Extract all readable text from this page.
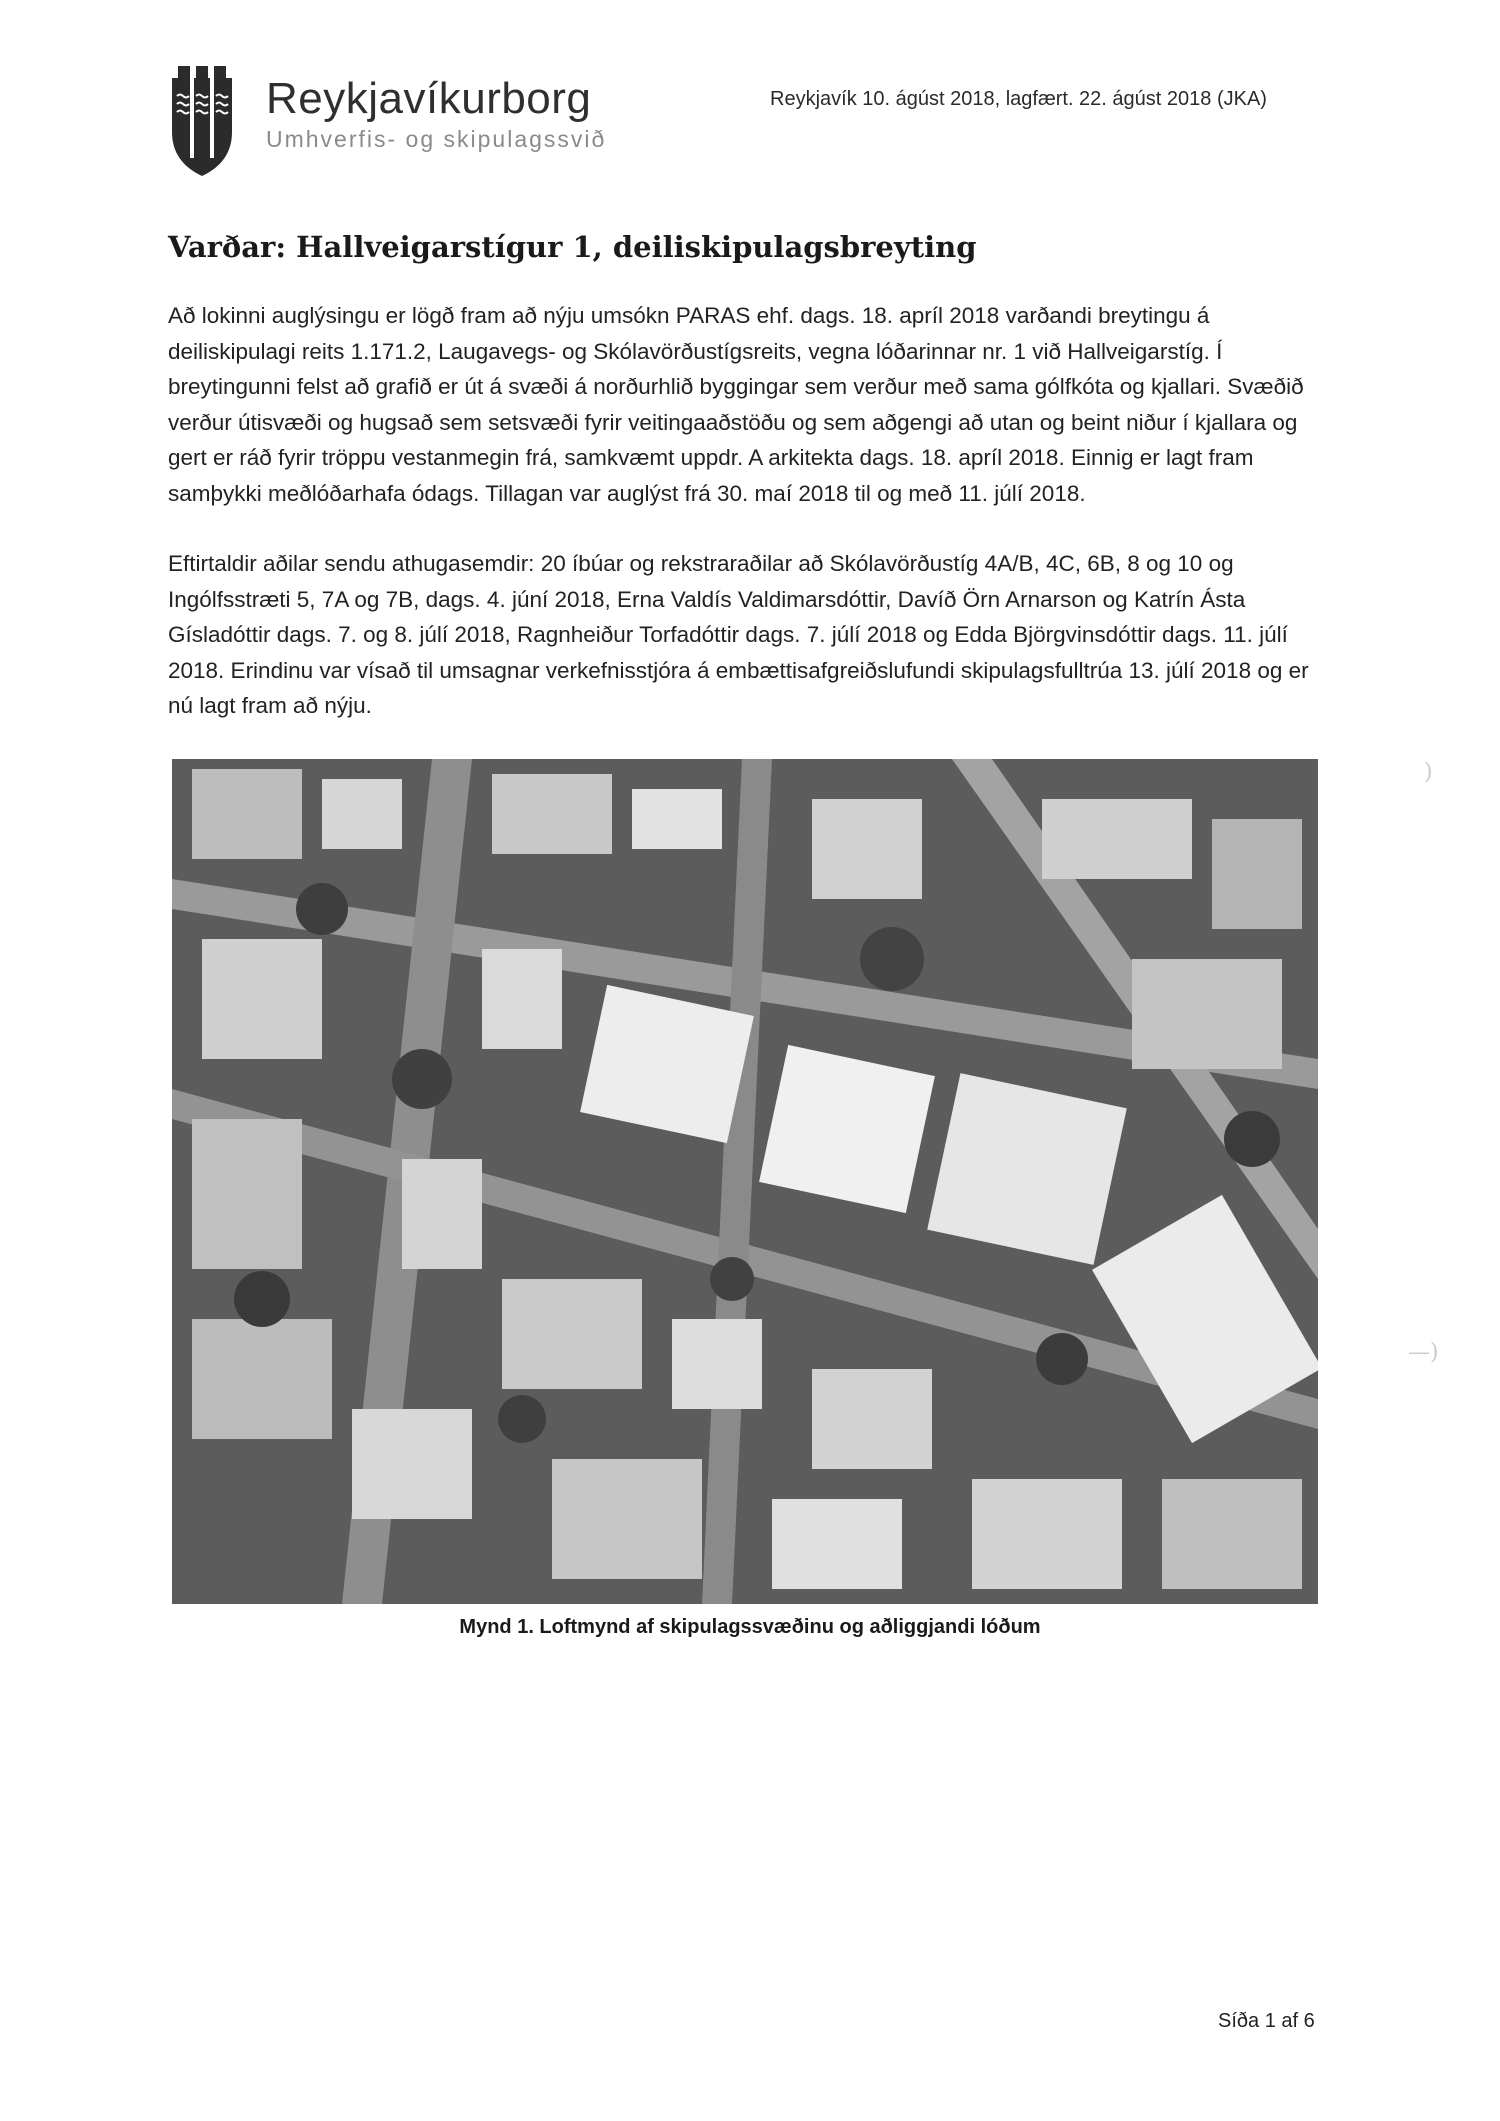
Reykjavíkurborg
Umhverfis- og skipulagssvið
Reykjavík 10. ágúst 2018, lagfært. 22. ágúst 2018 (JKA)
Varðar: Hallveigarstígur 1, deiliskipulagsbreyting

Að lokinni auglýsingu er lögð fram að nýju umsókn PARAS ehf. dags. 18. apríl 2018 varðandi breytingu á deiliskipulagi reits 1.171.2, Laugavegs- og Skólavörðustígsreits, vegna lóðarinnar nr. 1 við Hallveigarstíg. Í breytingunni felst að grafið er út á svæði á norðurhlið byggingar sem verður með sama gólfkóta og kjallari. Svæðið verður útisvæði og hugsað sem setsvæði fyrir veitingaaðstöðu og sem aðgengi að utan og beint niður í kjallara og gert er ráð fyrir tröppu vestanmegin frá, samkvæmt uppdr. A arkitekta dags. 18. apríl 2018. Einnig er lagt fram samþykki meðlóðarhafa ódags. Tillagan var auglýst frá 30. maí 2018 til og með 11. júlí 2018.

Eftirtaldir aðilar sendu athugasemdir: 20 íbúar og rekstraraðilar að Skólavörðustíg 4A/B, 4C, 6B, 8 og 10 og Ingólfsstræti 5, 7A og 7B, dags. 4. júní 2018, Erna Valdís Valdimarsdóttir, Davíð Örn Arnarson og Katrín Ásta Gísladóttir dags. 7. og 8. júlí 2018, Ragnheiður Torfadóttir dags. 7. júlí 2018 og Edda Björgvinsdóttir dags. 11. júlí 2018. Erindinu var vísað til umsagnar verkefnisstjóra á embættisafgreiðslufundi skipulagsfulltrúa 13. júlí 2018 og er nú lagt fram að nýju.

Mynd 1. Loftmynd af skipulagssvæðinu og aðliggjandi lóðum
Síða 1 af 6
)
—)
